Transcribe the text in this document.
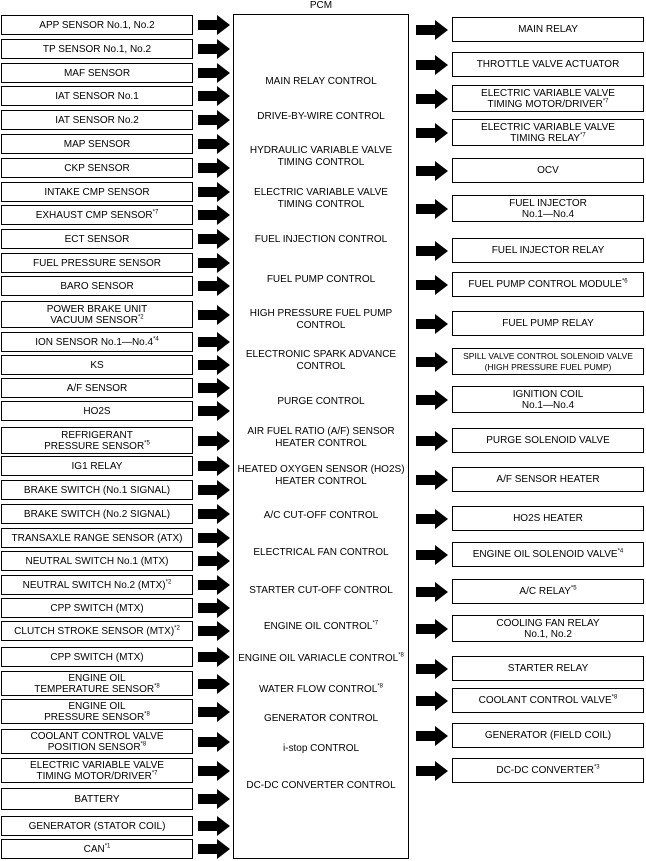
PCM
APP SENSOR No.1, No.2
TP SENSOR No.1, No.2
MAF SENSOR
IAT SENSOR No.1
IAT SENSOR No.2
MAP SENSOR
CKP SENSOR
INTAKE CMP SENSOR
EXHAUST CMP SENSOR$^{*7}$
ECT SENSOR
FUEL PRESSURE SENSOR
BARO SENSOR
POWER BRAKE UNIT
VACUUM SENSOR$^{*2}$
ION SENSOR No.1—No.4$^{*4}$
KS
A/F SENSOR
HO2S
REFRIGERANT
PRESSURE SENSOR$^{*5}$
IG1 RELAY
BRAKE SWITCH (No.1 SIGNAL)
BRAKE SWITCH (No.2 SIGNAL)
TRANSAXLE RANGE SENSOR (ATX)
NEUTRAL SWITCH No.1 (MTX)
NEUTRAL SWITCH No.2 (MTX)$^{*2}$
CPP SWITCH (MTX)
CLUTCH STROKE SENSOR (MTX)$^{*2}$
CPP SWITCH (MTX)
ENGINE OIL
TEMPERATURE SENSOR$^{*8}$
ENGINE OIL
PRESSURE SENSOR$^{*8}$
COOLANT CONTROL VALVE
POSITION SENSOR$^{*8}$
ELECTRIC VARIABLE VALVE
TIMING MOTOR/DRIVER$^{*7}$
BATTERY
GENERATOR (STATOR COIL)
CAN$^{*1}$
MAIN RELAY
THROTTLE VALVE ACTUATOR
ELECTRIC VARIABLE VALVE
TIMING MOTOR/DRIVER$^{*7}$
ELECTRIC VARIABLE VALVE
TIMING RELAY$^{*7}$
OCV
FUEL INJECTOR
No.1—No.4
FUEL INJECTOR RELAY
FUEL PUMP CONTROL MODULE$^{*6}$
FUEL PUMP RELAY
SPILL VALVE CONTROL SOLENOID VALVE
(HIGH PRESSURE FUEL PUMP)
IGNITION COIL
No.1—No.4
PURGE SOLENOID VALVE
A/F SENSOR HEATER
HO2S HEATER
ENGINE OIL SOLENOID VALVE$^{*4}$
A/C RELAY$^{*5}$
COOLING FAN RELAY
No.1, No.2
STARTER RELAY
COOLANT CONTROL VALVE$^{*8}$
GENERATOR (FIELD COIL)
DC-DC CONVERTER$^{*3}$
MAIN RELAY CONTROL
DRIVE-BY-WIRE CONTROL
HYDRAULIC VARIABLE VALVE
TIMING CONTROL
ELECTRIC VARIABLE VALVE
TIMING CONTROL
FUEL INJECTION CONTROL
FUEL PUMP CONTROL
HIGH PRESSURE FUEL PUMP
CONTROL
ELECTRONIC SPARK ADVANCE
CONTROL
PURGE CONTROL
AIR FUEL RATIO (A/F) SENSOR
HEATER CONTROL
HEATED OXYGEN SENSOR (HO2S)
HEATER CONTROL
A/C CUT-OFF CONTROL
ELECTRICAL FAN CONTROL
STARTER CUT-OFF CONTROL
ENGINE OIL CONTROL$^{*7}$
ENGINE OIL VARIACLE CONTROL$^{*8}$
WATER FLOW CONTROL$^{*8}$
GENERATOR CONTROL
i-stop CONTROL
DC-DC CONVERTER CONTROL
